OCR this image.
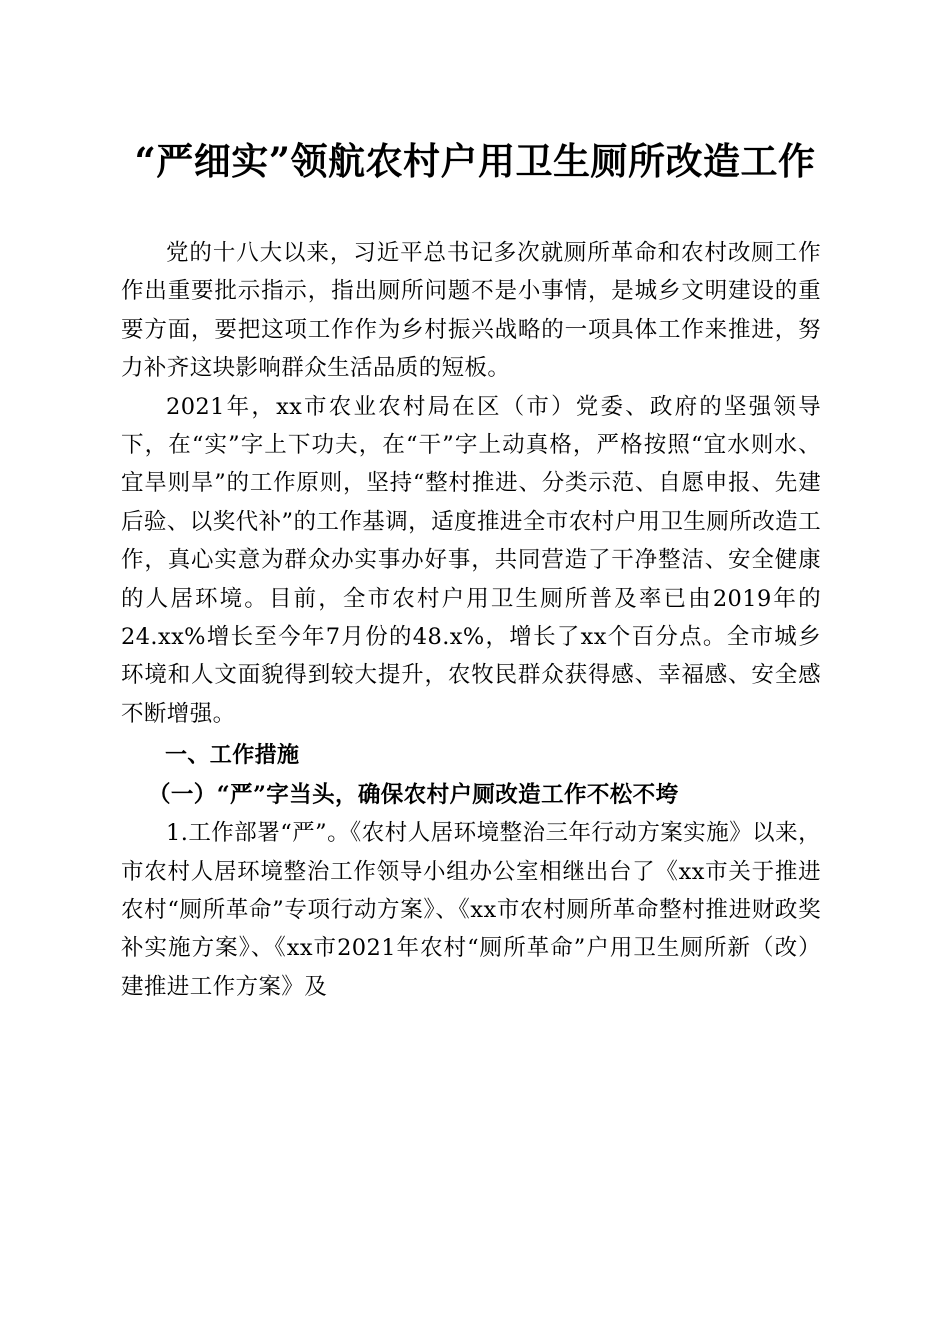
“严细实”领航农村户用卫生厕所改造工作

党的十八大以来，习近平总书记多次就厕所革命和农村改厕工作作出重要批示指示，指出厕所问题不是小事情，是城乡文明建设的重要方面，要把这项工作作为乡村振兴战略的一项具体工作来推进，努力补齐这块影响群众生活品质的短板。

2021年，xx市农业农村局在区（市）党委、政府的坚强领导下，在“实”字上下功夫，在“干”字上动真格，严格按照“宜水则水、宜旱则旱”的工作原则，坚持“整村推进、分类示范、自愿申报、先建后验、以奖代补”的工作基调，适度推进全市农村户用卫生厕所改造工作，真心实意为群众办实事办好事，共同营造了干净整洁、安全健康的人居环境。目前，全市农村户用卫生厕所普及率已由2019年的24.xx%增长至今年7月份的48.x%，增长了xx个百分点。全市城乡环境和人文面貌得到较大提升，农牧民群众获得感、幸福感、安全感不断增强。

一、工作措施

（一）“严”字当头，确保农村户厕改造工作不松不垮

1.工作部署“严”。《农村人居环境整治三年行动方案实施》以来，市农村人居环境整治工作领导小组办公室相继出台了《xx市关于推进农村“厕所革命”专项行动方案》、《xx市农村厕所革命整村推进财政奖补实施方案》、《xx市2021年农村“厕所革命”户用卫生厕所新（改）建推进工作方案》及
